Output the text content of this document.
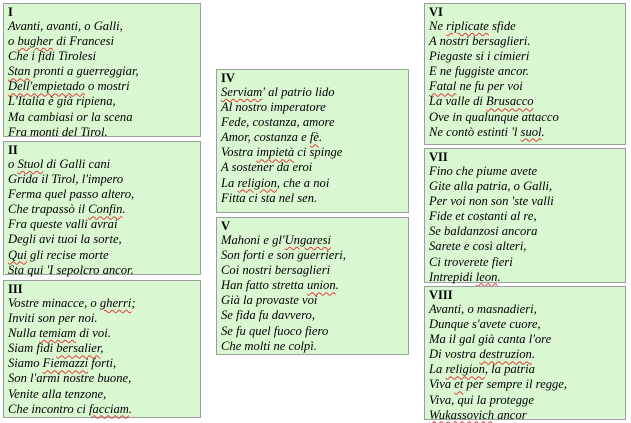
I
Avanti, avanti, o Galli,
o bugher di Francesi
Che i fidi Tirolesi
Stan pronti a guerreggiar,
Dell'empietado o mostri
L'Italia è già ripiena,
Ma cambiasi or la scena
Fra monti del Tirol.
II
o Stuol di Galli cani
Grida il Tirol, l'impero
Ferma quel passo altero,
Che trapassò il Confin.
Fra queste valli avrai
Degli avi tuoi la sorte,
Qui gli recise morte
Sta qui 'I sepolcro ancor.
III
Vostre minacce, o gherri;
Inviti son per noi.
Nulla temiam di voi.
Siam fidi bersalier,
Siamo Fiemazzi forti,
Son l'armi nostre buone,
Venite alla tenzone,
Che incontro ci facciam.
IV
Serviam' al patrio lido
Al nostro imperatore
Fede, costanza, amore
Amor, costanza e fè.
Vostra impietà ci spinge
A sostener da eroi
La religion, che a noi
Fitta ci sta nel sen.
V
Mahoni e gl'Ungaresi
Son forti e son guerrieri,
Coi nostri bersaglieri
Han fatto stretta union.
Già la provaste voi
Se fida fu davvero,
Se fu quel fuoco fiero
Che molti ne colpì.
VI
Ne riplicate sfide
A nostri bersaglieri.
Piegaste si i cimieri
E ne fuggiste ancor.
Fatal ne fu per voi
La valle di Brusacco
Ove in qualunque attacco
Ne contò estinti 'l suol.
VII
Fino che piume avete
Gite alla patria, o Galli,
Per voi non son 'ste valli
Fide et costanti al re,
Se baldanzosi ancora
Sarete e così alteri,
Ci troverete fieri
Intrepidi leon.
VIII
Avanti, o masnadieri,
Dunque s'avete cuore,
Ma il gal già canta l'ore
Di vostra destruzion.
La religion, la patria
Viva et per sempre il regge,
Viva, qui la protegge
Wukassovich ancor
